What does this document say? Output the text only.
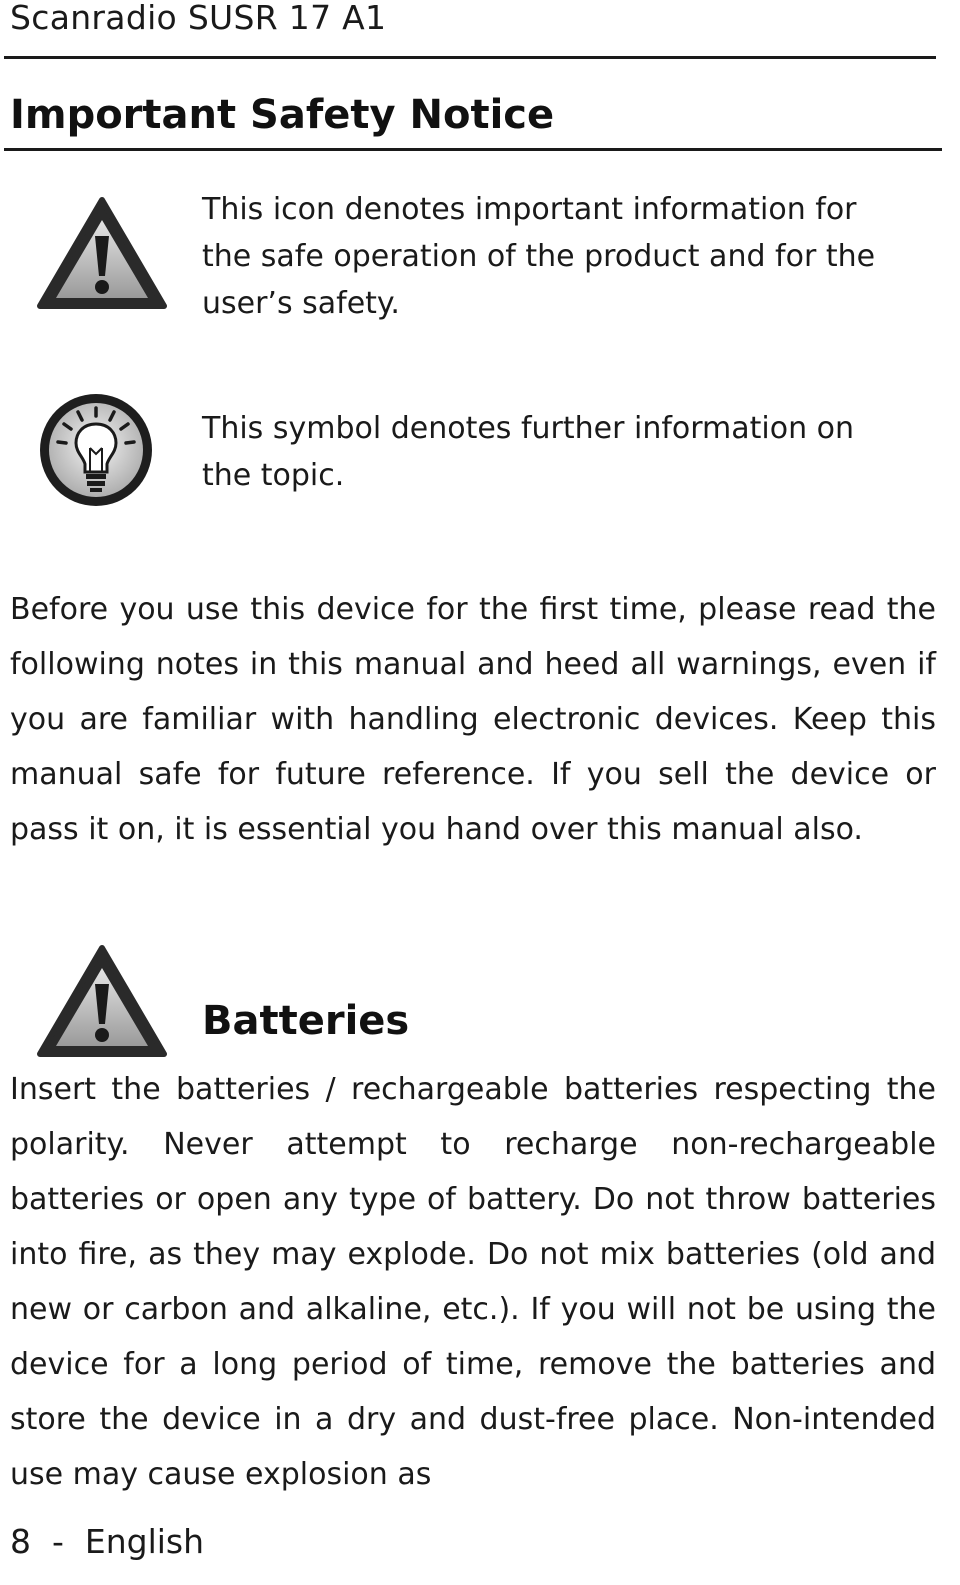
Scanradio SUSR 17 A1
Important Safety Notice

This icon denotes important information for the safe operation of the product and for the user’s safety.

This symbol denotes further information on the topic.

Before you use this device for the first time, please read the following notes in this manual and heed all warnings, even if you are familiar with handling electronic devices. Keep this manual safe for future reference. If you sell the device or pass it on, it is essential you hand over this manual also.

Batteries

Insert the batteries / rechargeable batteries respecting the polarity. Never attempt to recharge non-rechargeable batteries or open any type of battery. Do not throw batteries into fire, as they may explode. Do not mix batteries (old and new or carbon and alkaline, etc.). If you will not be using the device for a long period of time, remove the batteries and store the device in a dry and dust-free place. Non-intended use may cause explosion as

8  -  English
